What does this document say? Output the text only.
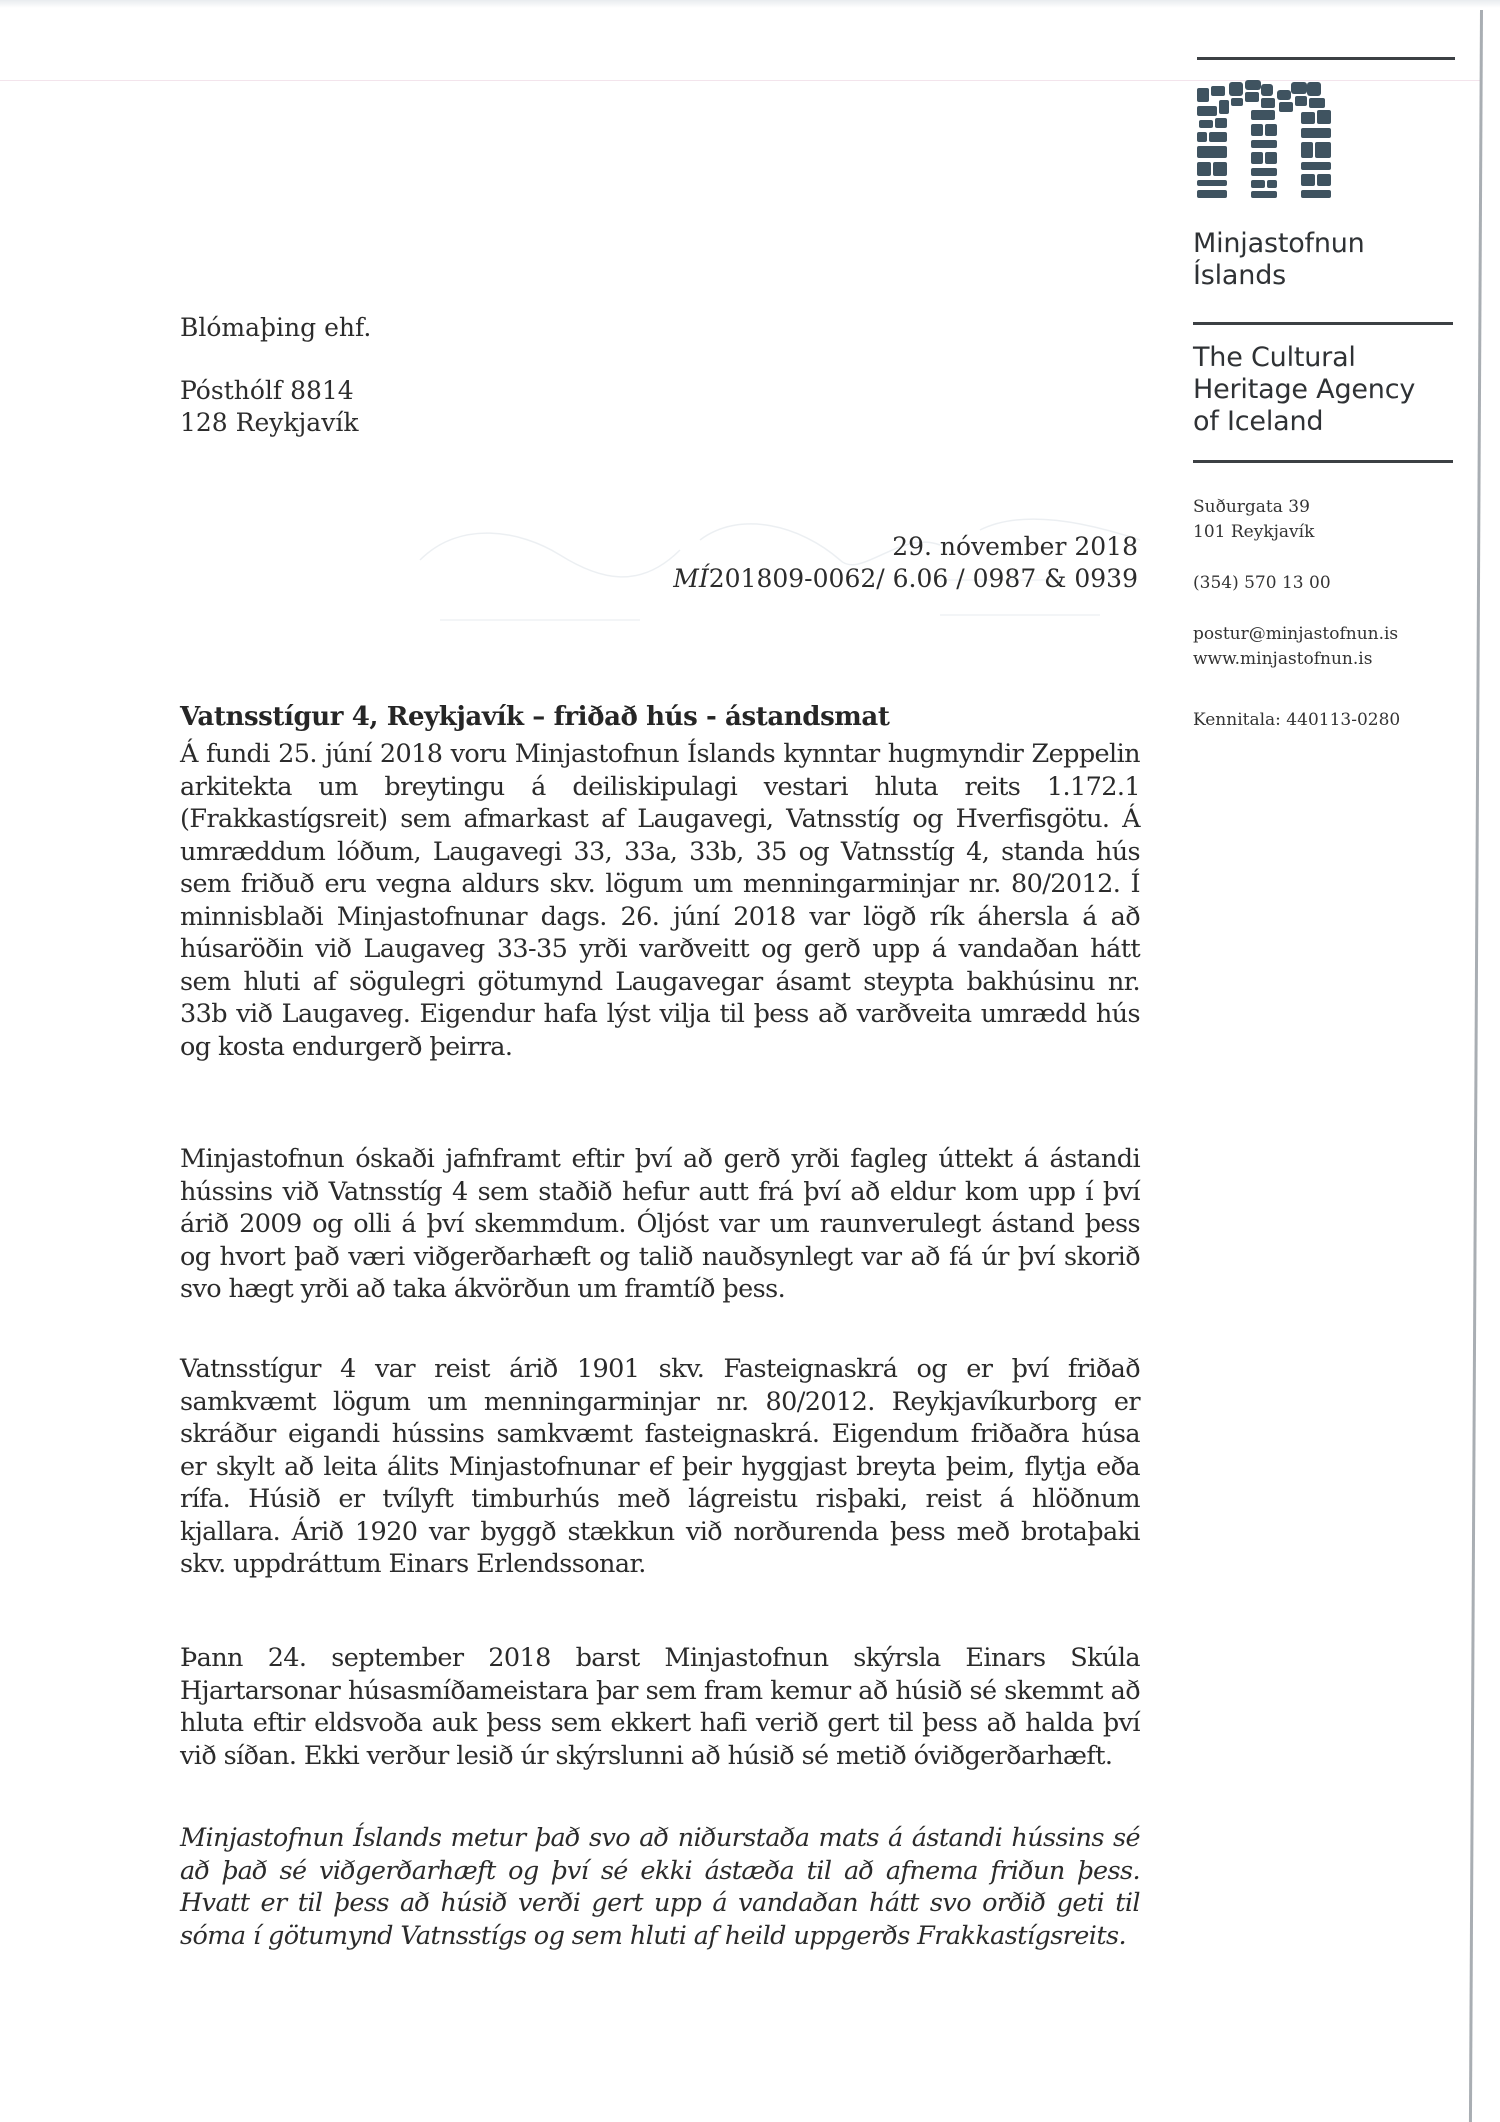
Minjastofnun
Íslands
The Cultural
Heritage Agency
of Iceland
Suðurgata 39
101 Reykjavík
(354) 570 13 00
postur@minjastofnun.is
www.minjastofnun.is
Kennitala: 440113-0280
Blómaþing ehf.
Pósthólf 8814
128 Reykjavík
29. nóvember 2018
MÍ201809-0062/ 6.06 / 0987 & 0939
Vatnsstígur 4, Reykjavík – friðað hús - ástandsmat

Á fundi 25. júní 2018 voru Minjastofnun Íslands kynntar hugmyndir Zeppelin arkitekta um breytingu á deiliskipulagi vestari hluta reits 1.172.1 (Frakkastígsreit) sem afmarkast af Laugavegi, Vatnsstíg og Hverfisgötu. Á umræddum lóðum, Laugavegi 33, 33a, 33b, 35 og Vatnsstíg 4, standa hús sem friðuð eru vegna aldurs skv. lögum um menningarminjar nr. 80/2012. Í minnisblaði Minjastofnunar dags. 26. júní 2018 var lögð rík áhersla á að húsaröðin við Laugaveg 33-35 yrði varðveitt og gerð upp á vandaðan hátt sem hluti af sögulegri götumynd Laugavegar ásamt steypta bakhúsinu nr. 33b við Laugaveg. Eigendur hafa lýst vilja til þess að varðveita umrædd hús og kosta endurgerð þeirra.

Minjastofnun óskaði jafnframt eftir því að gerð yrði fagleg úttekt á ástandi hússins við Vatnsstíg 4 sem staðið hefur autt frá því að eldur kom upp í því árið 2009 og olli á því skemmdum. Óljóst var um raunverulegt ástand þess og hvort það væri viðgerðarhæft og talið nauðsynlegt var að fá úr því skorið svo hægt yrði að taka ákvörðun um framtíð þess.

Vatnsstígur 4 var reist árið 1901 skv. Fasteignaskrá og er því friðað samkvæmt lögum um menningarminjar nr. 80/2012. Reykjavíkurborg er skráður eigandi hússins samkvæmt fasteignaskrá. Eigendum friðaðra húsa er skylt að leita álits Minjastofnunar ef þeir hyggjast breyta þeim, flytja eða rífa. Húsið er tvílyft timburhús með lágreistu risþaki, reist á hlöðnum kjallara. Árið 1920 var byggð stækkun við norðurenda þess með brotaþaki skv. uppdráttum Einars Erlendssonar.

Þann 24. september 2018 barst Minjastofnun skýrsla Einars Skúla Hjartarsonar húsasmíðameistara þar sem fram kemur að húsið sé skemmt að hluta eftir eldsvoða auk þess sem ekkert hafi verið gert til þess að halda því við síðan. Ekki verður lesið úr skýrslunni að húsið sé metið óviðgerðarhæft.

Minjastofnun Íslands metur það svo að niðurstaða mats á ástandi hússins sé að það sé viðgerðarhæft og því sé ekki ástæða til að afnema friðun þess. Hvatt er til þess að húsið verði gert upp á vandaðan hátt svo orðið geti til sóma í götumynd Vatnsstígs og sem hluti af heild uppgerðs Frakkastígsreits.
